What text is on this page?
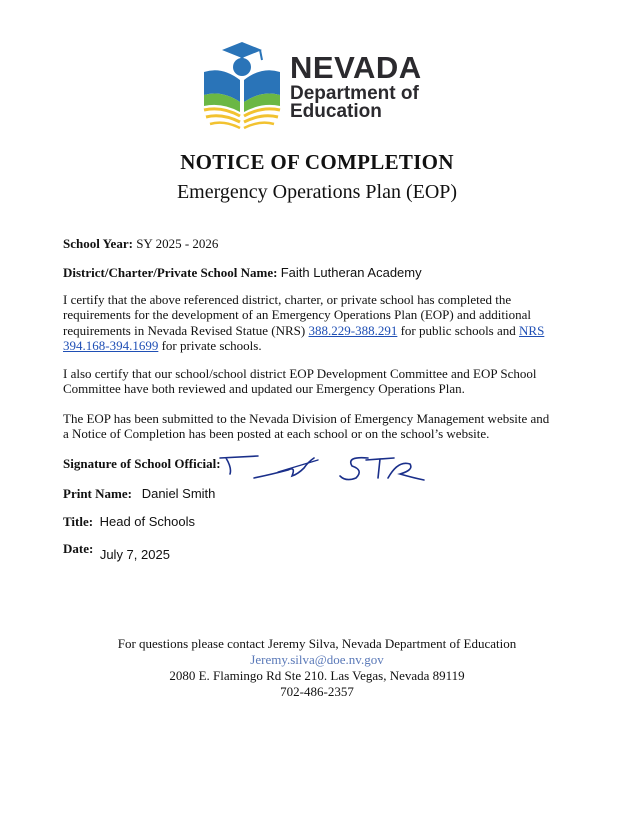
NEVADA
Department of
Education
NOTICE OF COMPLETION
Emergency Operations Plan (EOP)
School Year: SY 2025 - 2026
District/Charter/Private School Name: Faith Lutheran Academy
I certify that the above referenced district, charter, or private school has completed the requirements for the development of an Emergency Operations Plan (EOP) and additional requirements in Nevada Revised Statue (NRS) 388.229-388.291 for public schools and NRS 394.168-394.1699 for private schools.
I also certify that our school/school district EOP Development Committee and EOP School Committee have both reviewed and updated our Emergency Operations Plan.
The EOP has been submitted to the Nevada Division of Emergency Management website and a Notice of Completion has been posted at each school or on the school’s website.
Signature of School Official:
Print Name: Daniel Smith
Title: Head of Schools
Date: July 7, 2025
For questions please contact Jeremy Silva, Nevada Department of Education
Jeremy.silva@doe.nv.gov
2080 E. Flamingo Rd Ste 210. Las Vegas, Nevada 89119
702-486-2357
